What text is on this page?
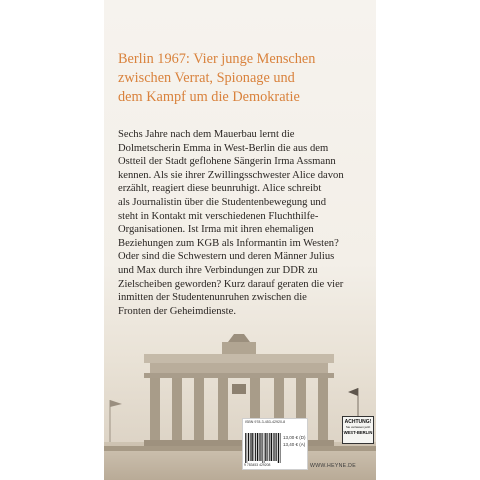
Berlin 1967: Vier junge Menschen
zwischen Verrat, Spionage und
dem Kampf um die Demokratie

Sechs Jahre nach dem Mauerbau lernt die
Dolmetscherin Emma in West-Berlin die aus dem
Ostteil der Stadt geflohene Sängerin Irma Assmann
kennen. Als sie ihrer Zwillingsschwester Alice davon
erzählt, reagiert diese beunruhigt. Alice schreibt
als Journalistin über die Studentenbewegung und
steht in Kontakt mit verschiedenen Fluchthilfe-
Organisationen. Ist Irma mit ihren ehemaligen
Beziehungen zum KGB als Informantin im Westen?
Oder sind die Schwestern und deren Männer Julius
und Max durch ihre Verbindungen zur DDR zu
Zielscheiben geworden? Kurz darauf geraten die vier
inmitten der Studentenunruhen zwischen die
Fronten der Geheimdienste.

ACHTUNG!
Sie verlassen jetzt
WEST-BERLIN
ISBN 978-3-453-42920-8
13,00 € (D)
13,40 € (A)
9 783453 429208	WWW.HEYNE.DE
